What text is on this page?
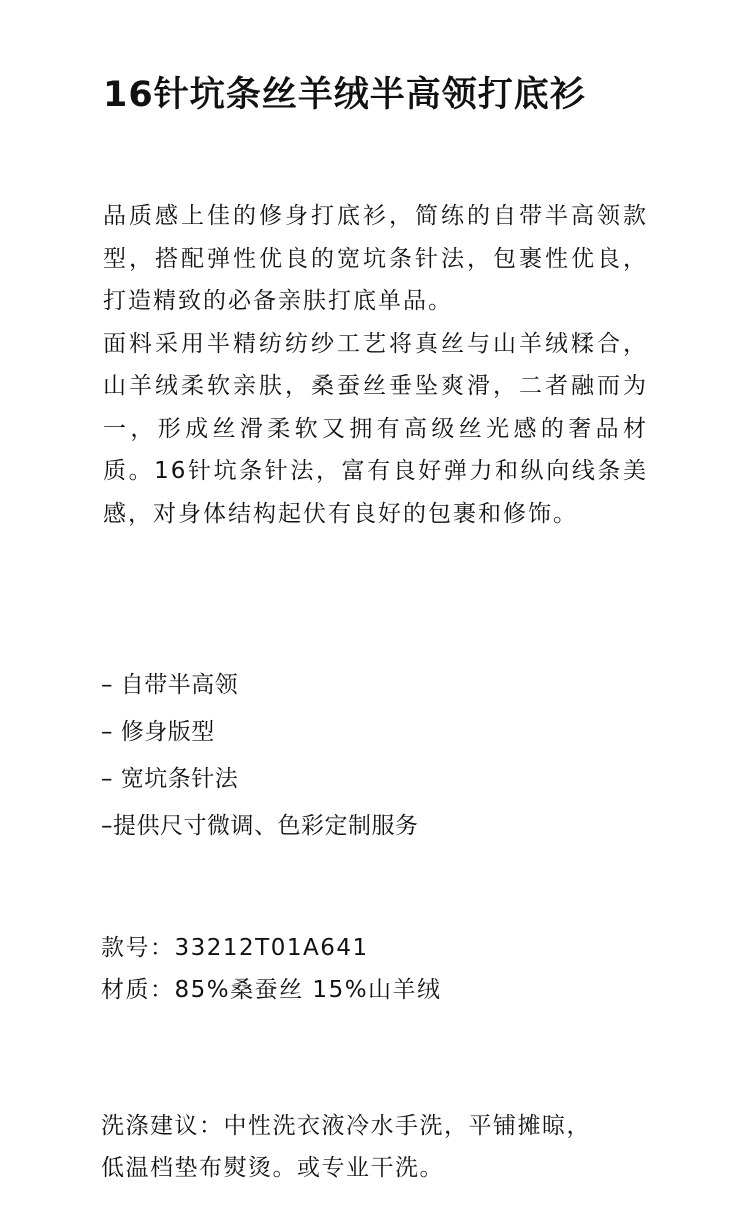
16针坑条丝羊绒半高领打底衫

品质感上佳的修身打底衫，简练的自带半高领款型，搭配弹性优良的宽坑条针法，包裹性优良，打造精致的必备亲肤打底单品。

面料采用半精纺纺纱工艺将真丝与山羊绒糅合，山羊绒柔软亲肤，桑蚕丝垂坠爽滑，二者融而为一，形成丝滑柔软又拥有高级丝光感的奢品材质。16针坑条针法，富有良好弹力和纵向线条美感，对身体结构起伏有良好的包裹和修饰。

– 自带半高领
– 修身版型
– 宽坑条针法
–提供尺寸微调、色彩定制服务
款号：33212T01A641
材质：85%桑蚕丝 15%山羊绒

洗涤建议：中性洗衣液冷水手洗，平铺摊晾，

低温档垫布熨烫。或专业干洗。
